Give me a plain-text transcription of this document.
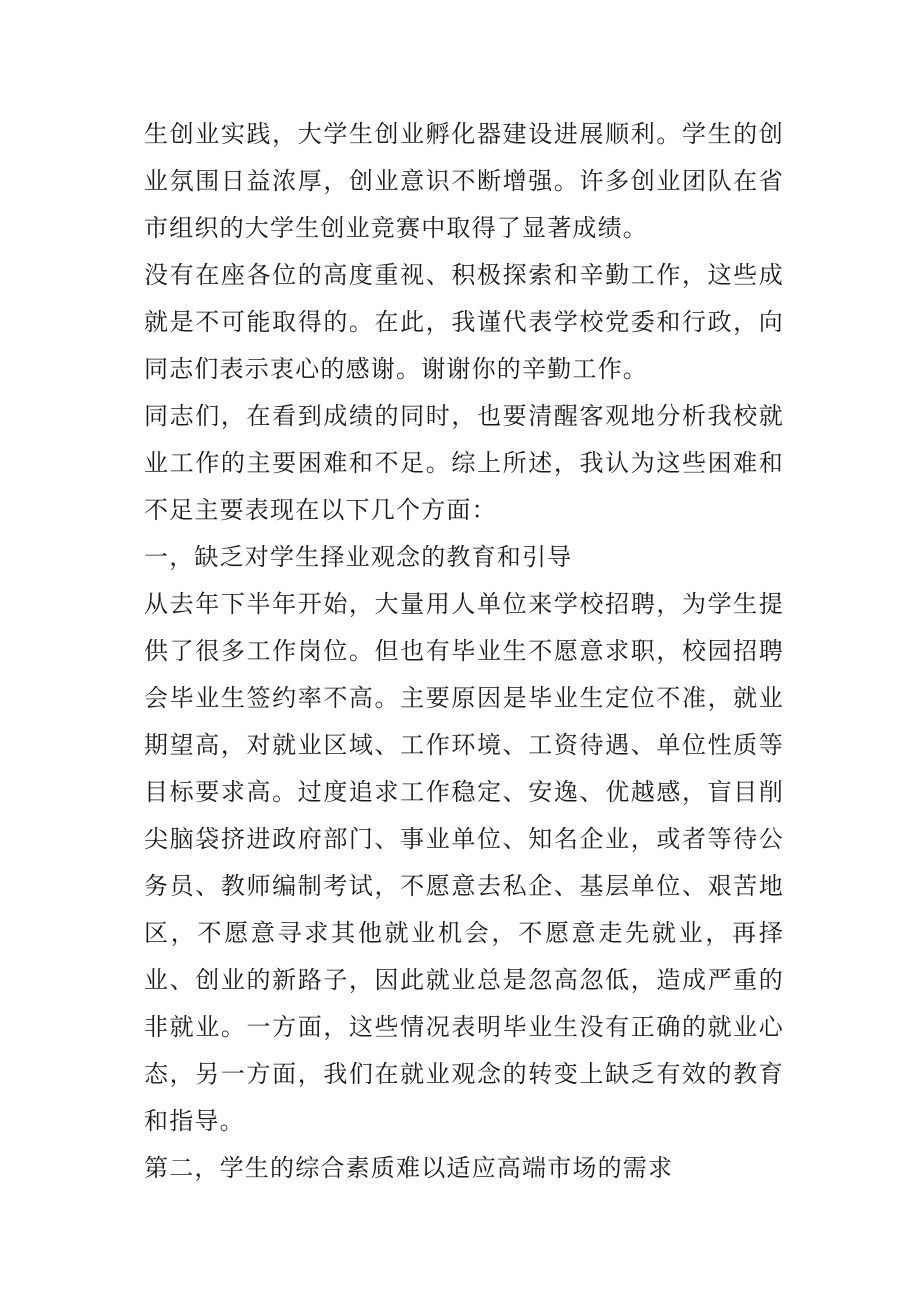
生创业实践，大学生创业孵化器建设进展顺利。学生的创业氛围日益浓厚，创业意识不断增强。许多创业团队在省市组织的大学生创业竞赛中取得了显著成绩。

没有在座各位的高度重视、积极探索和辛勤工作，这些成就是不可能取得的。在此，我谨代表学校党委和行政，向同志们表示衷心的感谢。谢谢你的辛勤工作。

同志们，在看到成绩的同时，也要清醒客观地分析我校就业工作的主要困难和不足。综上所述，我认为这些困难和不足主要表现在以下几个方面：

一，缺乏对学生择业观念的教育和引导

从去年下半年开始，大量用人单位来学校招聘，为学生提供了很多工作岗位。但也有毕业生不愿意求职，校园招聘会毕业生签约率不高。主要原因是毕业生定位不准，就业期望高，对就业区域、工作环境、工资待遇、单位性质等目标要求高。过度追求工作稳定、安逸、优越感，盲目削尖脑袋挤进政府部门、事业单位、知名企业，或者等待公务员、教师编制考试，不愿意去私企、基层单位、艰苦地区，不愿意寻求其他就业机会，不愿意走先就业，再择业、创业的新路子，因此就业总是忽高忽低，造成严重的非就业。一方面，这些情况表明毕业生没有正确的就业心态，另一方面，我们在就业观念的转变上缺乏有效的教育和指导。

第二，学生的综合素质难以适应高端市场的需求
